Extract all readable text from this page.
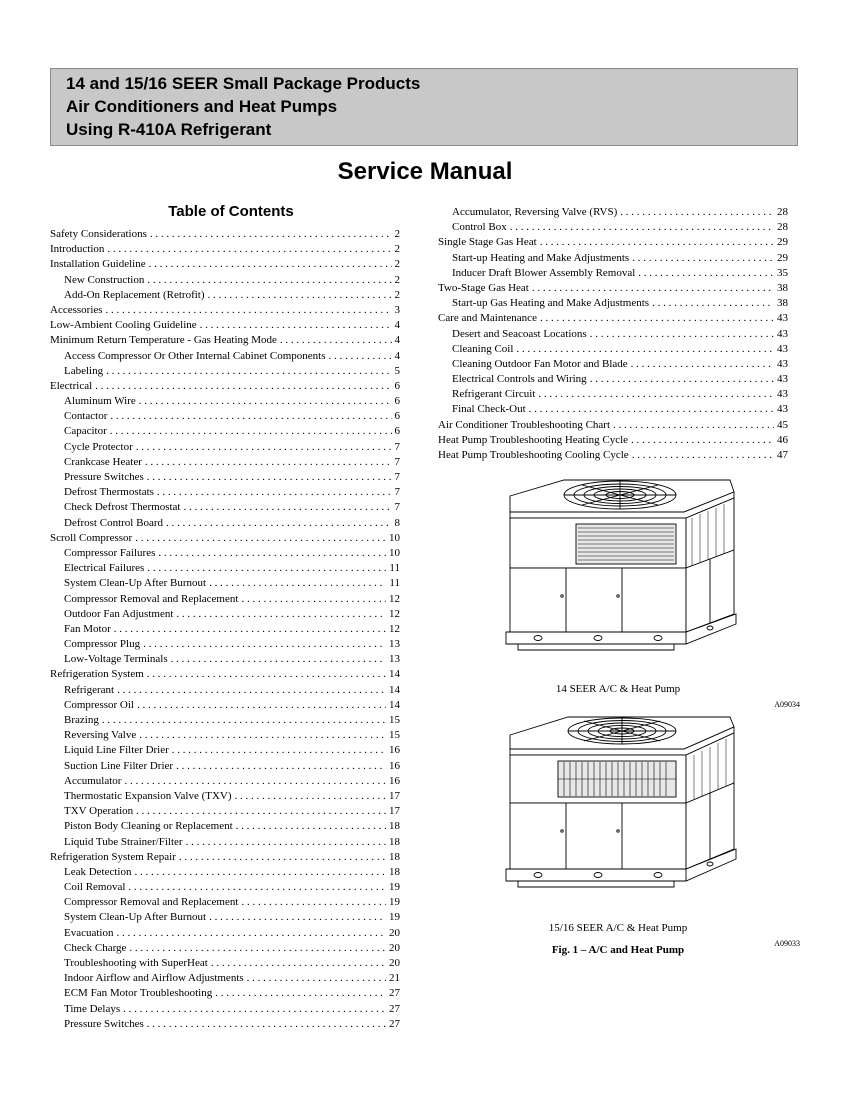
14 and 15/16 SEER Small Package Products
Air Conditioners and Heat Pumps
Using R-410A Refrigerant
Service Manual
Table of Contents
Safety Considerations . . .	2
Introduction . . .	2
Installation Guideline . . .	2
New Construction . . .	2
Add-On Replacement (Retrofit) . . .	2
Accessories . . .	3
Low-Ambient Cooling Guideline . . .	4
Minimum Return Temperature - Gas Heating Mode . . .	4
Access Compressor Or Other Internal Cabinet Components . . .	4
Labeling . . .	5
Electrical . . .	6
Aluminum Wire . . .	6
Contactor . . .	6
Capacitor . . .	6
Cycle Protector . . .	7
Crankcase Heater . . .	7
Pressure Switches . . .	7
Defrost Thermostats . . .	7
Check Defrost Thermostat . . .	7
Defrost Control Board . . .	8
Scroll Compressor . . .	10
Compressor Failures . . .	10
Electrical Failures . . .	11
System Clean-Up After Burnout . . .	11
Compressor Removal and Replacement . . .	12
Outdoor Fan Adjustment . . .	12
Fan Motor . . .	12
Compressor Plug . . .	13
Low-Voltage Terminals . . .	13
Refrigeration System . . .	14
Refrigerant . . .	14
Compressor Oil . . .	14
Brazing . . .	15
Reversing Valve . . .	15
Liquid Line Filter Drier . . .	16
Suction Line Filter Drier . . .	16
Accumulator . . .	16
Thermostatic Expansion Valve (TXV) . . .	17
TXV Operation . . .	17
Piston Body Cleaning or Replacement . . .	18
Liquid Tube Strainer/Filter . . .	18
Refrigeration System Repair . . .	18
Leak Detection . . .	18
Coil Removal . . .	19
Compressor Removal and Replacement . . .	19
System Clean-Up After Burnout . . .	19
Evacuation . . .	20
Check Charge . . .	20
Troubleshooting with SuperHeat . . .	20
Indoor Airflow and Airflow Adjustments . . .	21
ECM Fan Motor Troubleshooting . . .	27
Time Delays . . .	27
Pressure Switches . . .	27
Accumulator, Reversing Valve (RVS) . . .	28
Control Box . . .	28
Single Stage Gas Heat . . .	29
Start-up Heating and Make Adjustments . . .	29
Inducer Draft Blower Assembly Removal . . .	35
Two-Stage Gas Heat . . .	38
Start-up Gas Heating and Make Adjustments . . .	38
Care and Maintenance . . .	43
Desert and Seacoast Locations . . .	43
Cleaning Coil . . .	43
Cleaning Outdoor Fan Motor and Blade . . .	43
Electrical Controls and Wiring . . .	43
Refrigerant Circuit . . .	43
Final Check-Out . . .	43
Air Conditioner Troubleshooting Chart . . .	45
Heat Pump Troubleshooting Heating Cycle . . .	46
Heat Pump Troubleshooting Cooling Cycle . . .	47
14 SEER A/C & Heat Pump
A09034
15/16 SEER A/C & Heat Pump
A09033
Fig. 1 – A/C and Heat Pump
